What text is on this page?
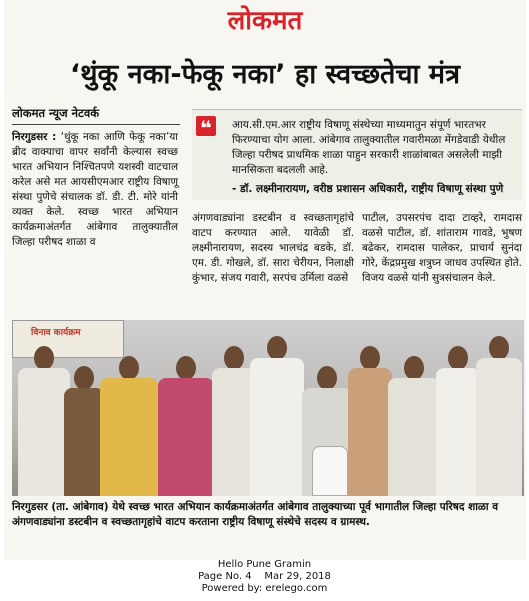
लोकमत
‘थुंकू नका-फेकू नका’ हा स्वच्छतेचा मंत्र
लोकमत न्यूज नेटवर्क
❝	आय.सी.एम.आर राष्ट्रीय विषाणू संस्थेच्या माध्यमातुन संपूर्ण भारतभर फिरण्याचा योग आला. आंबेगाव तालुक्यातील गवारीमळा मेंगडेवाडी येथील जिल्हा परीषद प्राथमिक शाळा पाहुन सरकारी शाळांबाबत असलेली माझी मानसिकता बदलली आहे.
- डॉ. लक्ष्मीनारायण, वरीष्ठ प्रशासन अधिकारी, राष्ट्रीय विषाणू संस्था पुणे
निरगुडसर : ‘थुंकू नका आणि फेकू नका’या ब्रीद वाक्याचा वापर सर्वांनी केल्यास स्वच्छ भारत अभियान निश्चितपणे यशस्वी वाटचाल करेल असे मत आयसीएमआर राष्ट्रीय विषाणू संस्था पुणेचे संचालक डॉ. डी. टी. मोरे यांनी व्यक्त केले. स्वच्छ भारत अभियान कार्यक्रमाअंतर्गत आंबेगाव तालुक्यातील जिल्हा परीषद शाळा व
अंगणवाड्यांना डस्टबीन व स्वच्छतागृहांचे वाटप करण्यात आले. यावेळी डॉ. लक्ष्मीनारायण, सदस्य भालचंद्र बडके, डॉ. एम. डी. गोखले, डॉ. सारा चेरीयन, निलाक्षी कुंभार, संजय गवारी, सरपंच उर्मिला वळसे
पाटील, उपसरपंच दादा टाव्हरे, रामदास वळसे पाटील, डॉ. शांताराम गावडे, भुषण बढेकर, रामदास पालेकर, प्राचार्य सुनंदा गोरे, केंद्रप्रमुख शत्रुघ्न जाधव उपस्थित होते. विजय वळसे यांनी सुत्रसंचालन केले.
विनाव कार्यक्रम
निरगुडसर (ता. आंबेगाव) येथे स्वच्छ भारत अभियान कार्यक्रमाअंतर्गत आंबेगाव तालुक्याच्या पूर्व भागातील जिल्हा परिषद शाळा व अंगणवाड्यांना डस्टबीन व स्वच्छतागृहांचे वाटप करताना राष्ट्रीय विषाणू संस्थेचे सदस्य व ग्रामस्थ.
Hello Pune Gramin
Page No. 4    Mar 29, 2018
Powered by: erelego.com
